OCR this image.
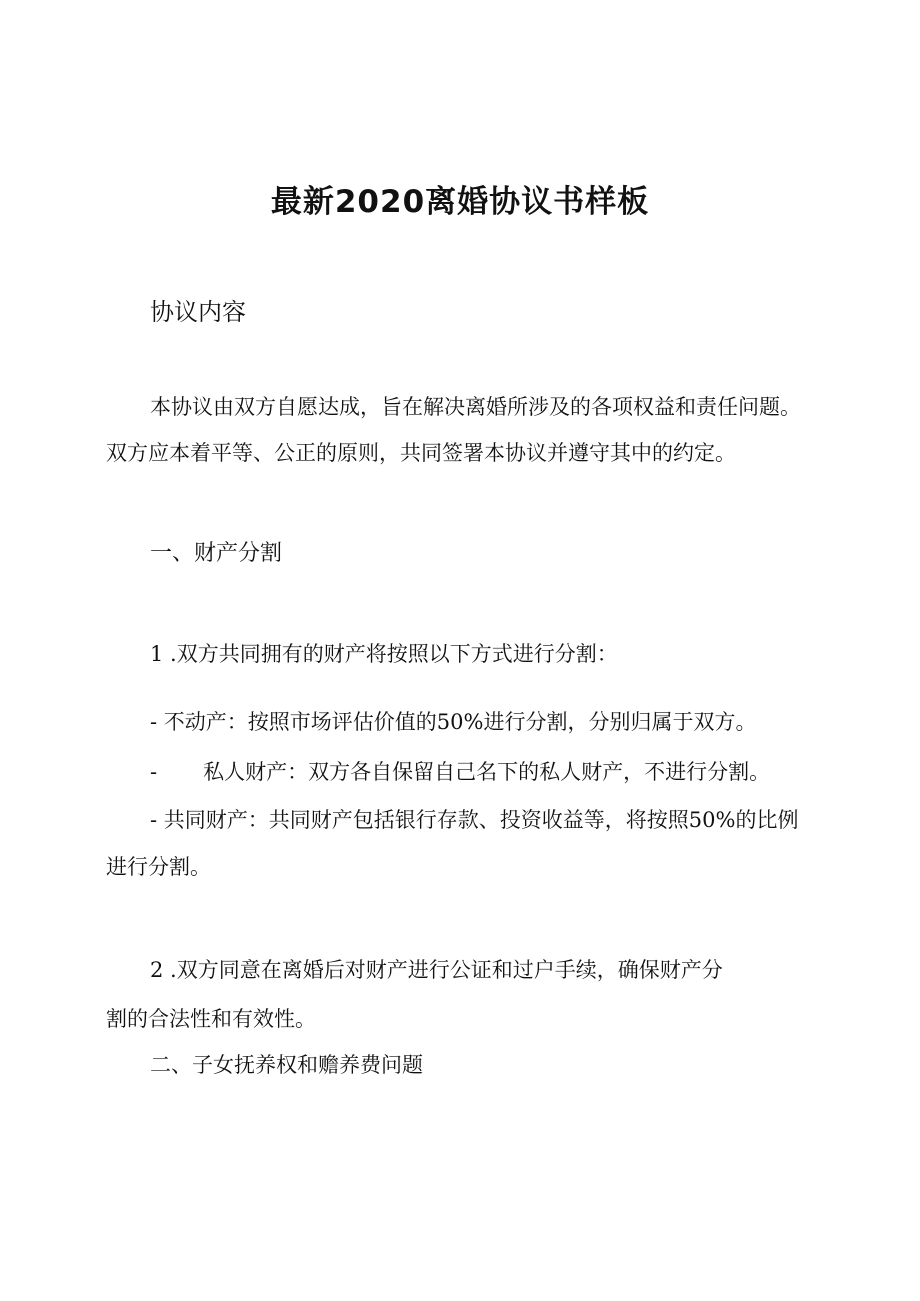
最新2020离婚协议书样板
协议内容
本协议由双方自愿达成，旨在解决离婚所涉及的各项权益和责任问题。
双方应本着平等、公正的原则，共同签署本协议并遵守其中的约定。
一、财产分割
1 .双方共同拥有的财产将按照以下方式进行分割：
- 不动产：按照市场评估价值的50%进行分割，分别归属于双方。
- 私人财产：双方各自保留自己名下的私人财产，不进行分割。
- 共同财产：共同财产包括银行存款、投资收益等，将按照50%的比例
进行分割。
2 .双方同意在离婚后对财产进行公证和过户手续，确保财产分
割的合法性和有效性。
二、子女抚养权和赡养费问题
